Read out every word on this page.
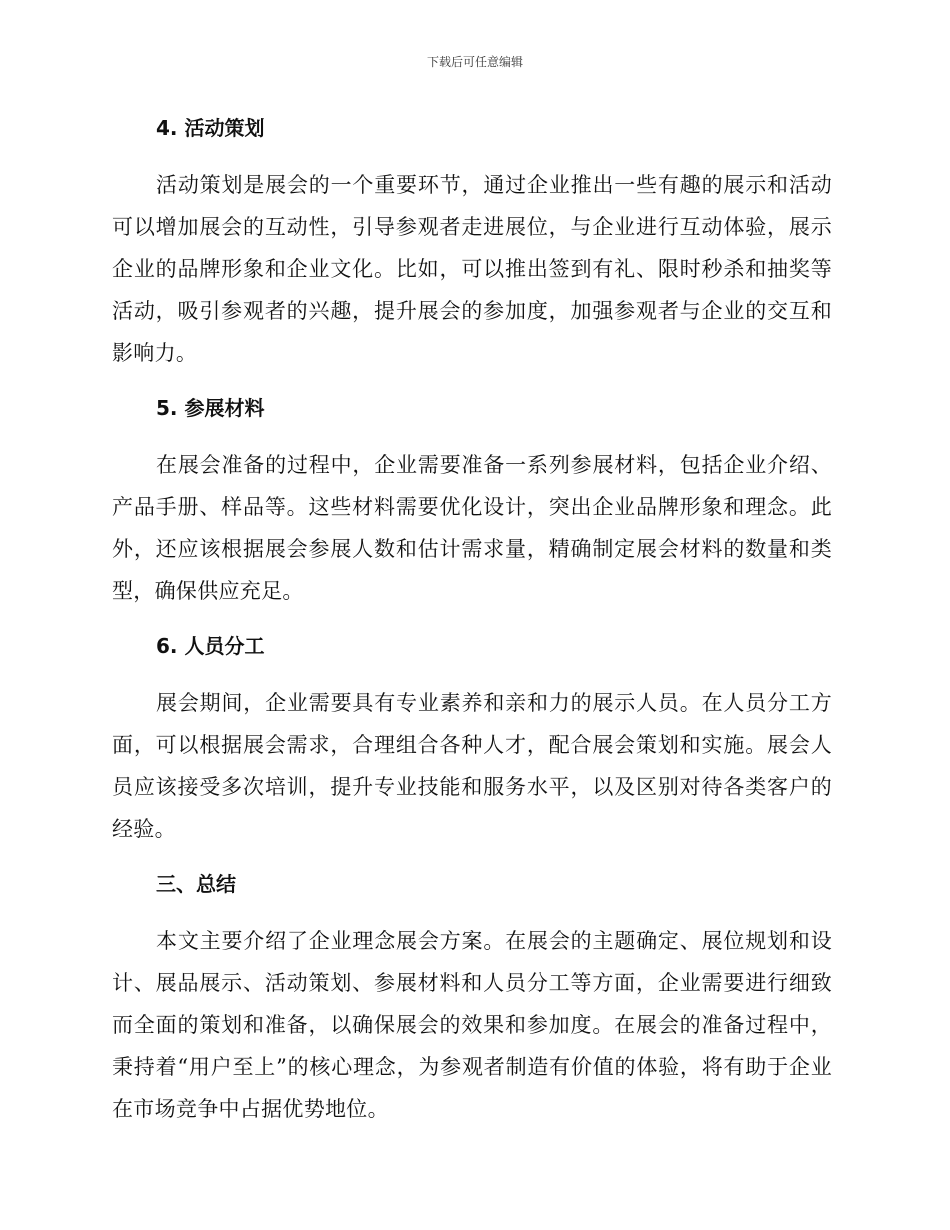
下载后可任意编辑
4. 活动策划

活动策划是展会的一个重要环节，通过企业推出一些有趣的展示和活动可以增加展会的互动性，引导参观者走进展位，与企业进行互动体验，展示企业的品牌形象和企业文化。比如，可以推出签到有礼、限时秒杀和抽奖等活动，吸引参观者的兴趣，提升展会的参加度，加强参观者与企业的交互和影响力。

5. 参展材料

在展会准备的过程中，企业需要准备一系列参展材料，包括企业介绍、产品手册、样品等。这些材料需要优化设计，突出企业品牌形象和理念。此外，还应该根据展会参展人数和估计需求量，精确制定展会材料的数量和类型，确保供应充足。

6. 人员分工

展会期间，企业需要具有专业素养和亲和力的展示人员。在人员分工方面，可以根据展会需求，合理组合各种人才，配合展会策划和实施。展会人员应该接受多次培训，提升专业技能和服务水平，以及区别对待各类客户的经验。

三、总结

本文主要介绍了企业理念展会方案。在展会的主题确定、展位规划和设计、展品展示、活动策划、参展材料和人员分工等方面，企业需要进行细致而全面的策划和准备，以确保展会的效果和参加度。在展会的准备过程中，秉持着“用户至上”的核心理念，为参观者制造有价值的体验，将有助于企业在市场竞争中占据优势地位。
